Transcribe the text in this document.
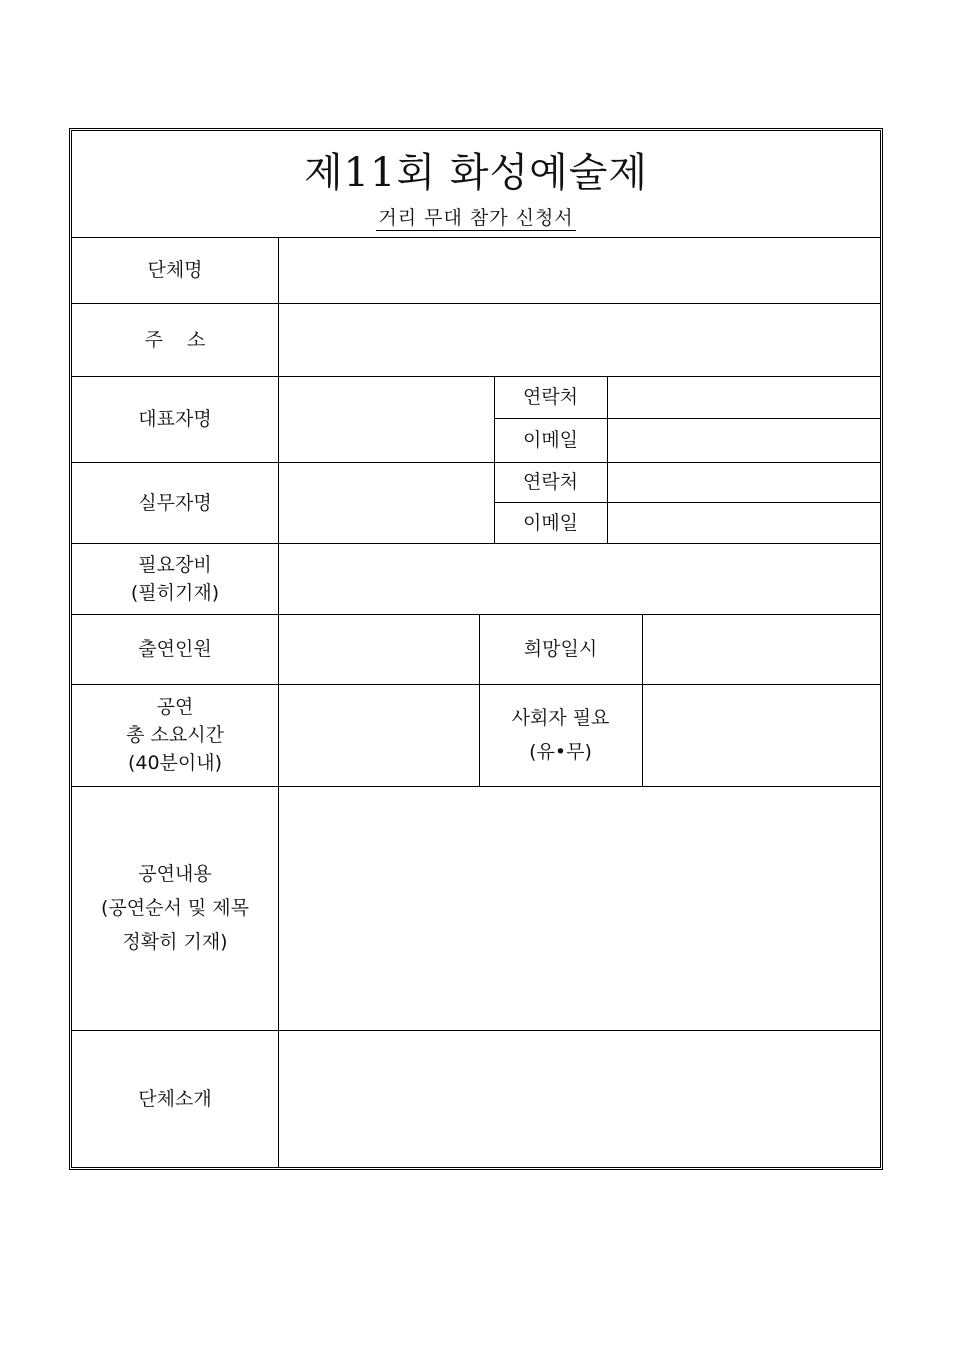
제11회 화성예술제
거리 무대 참가 신청서
단체명
주 소
대표자명
연락처
이메일
실무자명
연락처
이메일
필요장비
(필히기재)
출연인원	희망일시
공연
총 소요시간
(40분이내)
사회자 필요
(유•무)
공연내용
(공연순서 및 제목
정확히 기재)
단체소개
